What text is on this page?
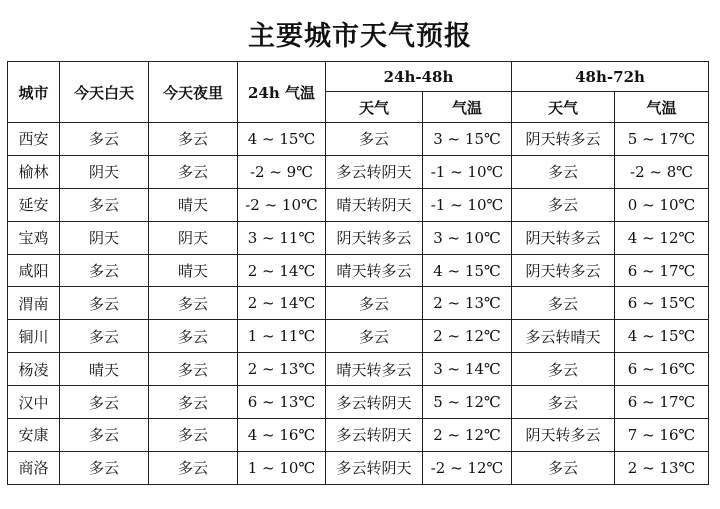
主要城市天气预报
城市	今天白天	今天夜里	24h 气温	24h-48h		48h-72h	
				天气	气温	天气	气温
西安	多云	多云	4 ~ 15℃	多云	3 ~ 15℃	阴天转多云	5 ~ 17℃
榆林	阴天	多云	-2 ~ 9℃	多云转阴天	-1 ~ 10℃	多云	-2 ~ 8℃
延安	多云	晴天	-2 ~ 10℃	晴天转阴天	-1 ~ 10℃	多云	0 ~ 10℃
宝鸡	阴天	阴天	3 ~ 11℃	阴天转多云	3 ~ 10℃	阴天转多云	4 ~ 12℃
咸阳	多云	晴天	2 ~ 14℃	晴天转多云	4 ~ 15℃	阴天转多云	6 ~ 17℃
渭南	多云	多云	2 ~ 14℃	多云	2 ~ 13℃	多云	6 ~ 15℃
铜川	多云	多云	1 ~ 11℃	多云	2 ~ 12℃	多云转晴天	4 ~ 15℃
杨凌	晴天	多云	2 ~ 13℃	晴天转多云	3 ~ 14℃	多云	6 ~ 16℃
汉中	多云	多云	6 ~ 13℃	多云转阴天	5 ~ 12℃	多云	6 ~ 17℃
安康	多云	多云	4 ~ 16℃	多云转阴天	2 ~ 12℃	阴天转多云	7 ~ 16℃
商洛	多云	多云	1 ~ 10℃	多云转阴天	-2 ~ 12℃	多云	2 ~ 13℃
